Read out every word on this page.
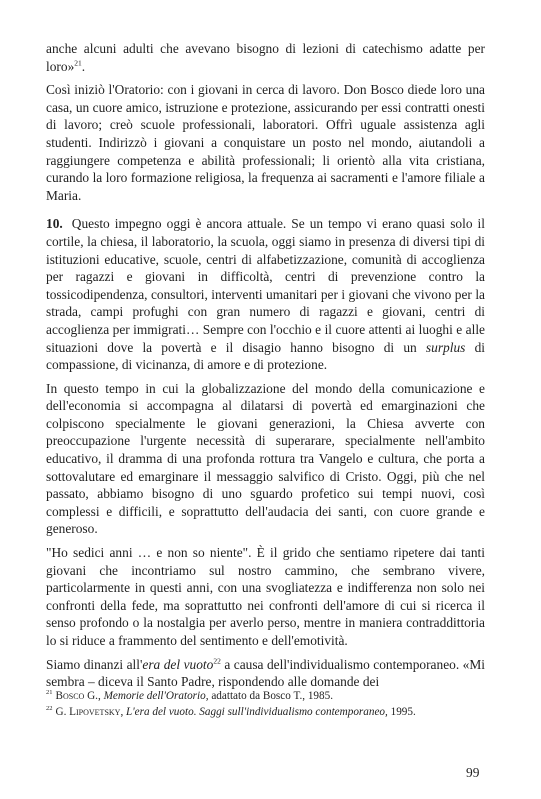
anche alcuni adulti che avevano bisogno di lezioni di catechismo adatte per loro»$^{21}$.

Così iniziò l'Oratorio: con i giovani in cerca di lavoro. Don Bosco diede loro una casa, un cuore amico, istruzione e protezione, assicurando per essi contratti onesti di lavoro; creò scuole professionali, laboratori. Offrì uguale assistenza agli studenti. Indirizzò i giovani a conquistare un posto nel mondo, aiutandoli a raggiungere competenza e abilità professionali; li orientò alla vita cristiana, curando la loro formazione religiosa, la frequenza ai sacramenti e l'amore filiale a Maria.

10. Questo impegno oggi è ancora attuale. Se un tempo vi erano quasi solo il cortile, la chiesa, il laboratorio, la scuola, oggi siamo in presenza di diversi tipi di istituzioni educative, scuole, centri di alfabetizzazione, comunità di accoglienza per ragazzi e giovani in difficoltà, centri di prevenzione contro la tossicodipendenza, consultori, interventi umanitari per i giovani che vivono per la strada, campi profughi con gran numero di ragazzi e giovani, centri di accoglienza per immigrati… Sempre con l'occhio e il cuore attenti ai luoghi e alle situazioni dove la povertà e il disagio hanno bisogno di un surplus di compassione, di vicinanza, di amore e di protezione.

In questo tempo in cui la globalizzazione del mondo della comunicazione e dell'economia si accompagna al dilatarsi di povertà ed emarginazioni che colpiscono specialmente le giovani generazioni, la Chiesa avverte con preoccupazione l'urgente necessità di superarare, specialmente nell'ambito educativo, il dramma di una profonda rottura tra Vangelo e cultura, che porta a sottovalutare ed emarginare il messaggio salvifico di Cristo. Oggi, più che nel passato, abbiamo bisogno di uno sguardo profetico sui tempi nuovi, così complessi e difficili, e soprattutto dell'audacia dei santi, con cuore grande e generoso.

"Ho sedici anni … e non so niente". È il grido che sentiamo ripetere dai tanti giovani che incontriamo sul nostro cammino, che sembrano vivere, particolarmente in questi anni, con una svogliatezza e indifferenza non solo nei confronti della fede, ma soprattutto nei confronti dell'amore di cui si ricerca il senso profondo o la nostalgia per averlo perso, mentre in maniera contraddittoria lo si riduce a frammento del sentimento e dell'emotività.

Siamo dinanzi all'era del vuoto$^{22}$ a causa dell'individualismo contemporaneo. «Mi sembra – diceva il Santo Padre, rispondendo alle domande dei

$^{21}$ Bosco G., Memorie dell'Oratorio, adattato da Bosco T., 1985.

$^{22}$ G. Lipovetsky, L'era del vuoto. Saggi sull'individualismo contemporaneo, 1995.

99
